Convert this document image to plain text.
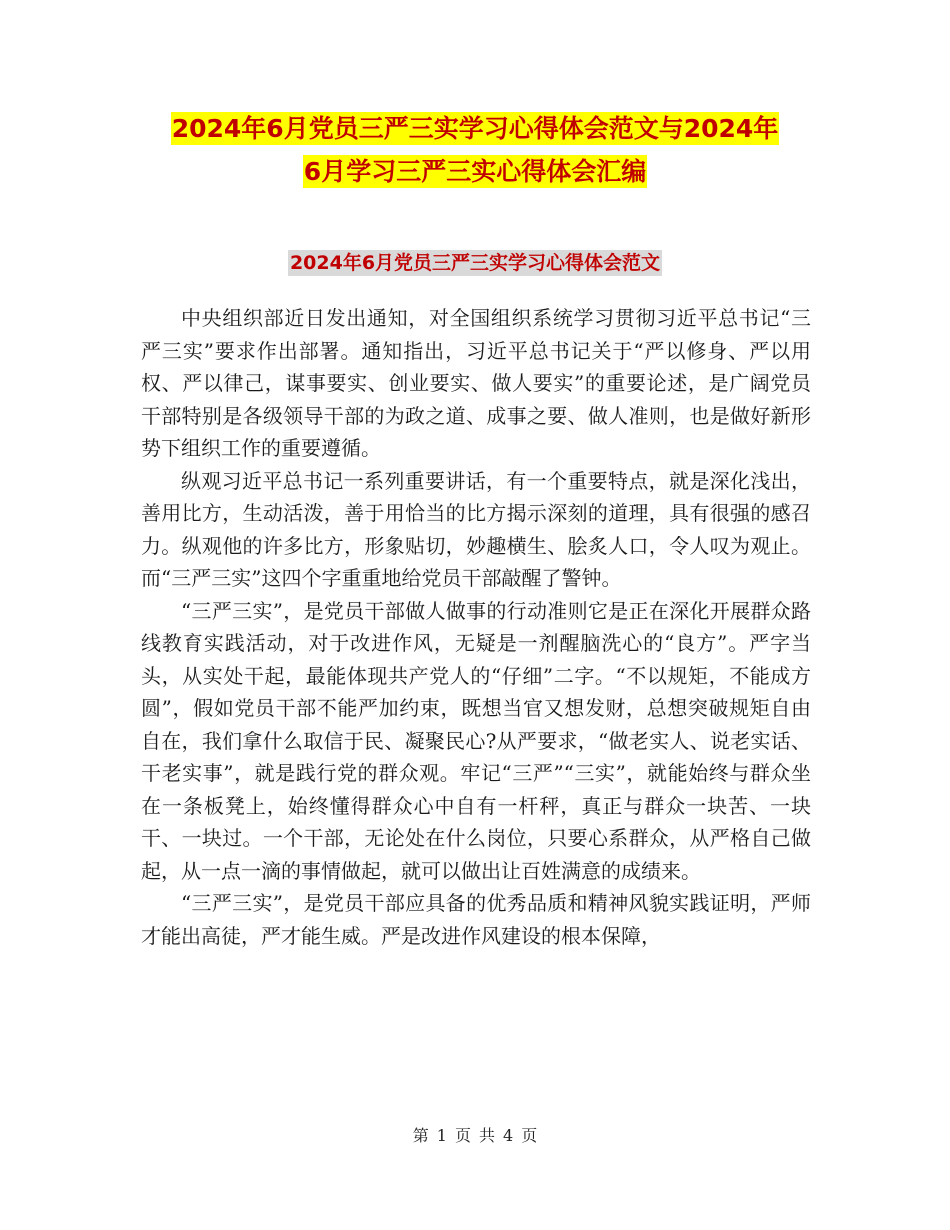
2024年6月党员三严三实学习心得体会范文与2024年
6月学习三严三实心得体会汇编
2024年6月党员三严三实学习心得体会范文

中央组织部近日发出通知，对全国组织系统学习贯彻习近平总书记“三严三实”要求作出部署。通知指出，习近平总书记关于“严以修身、严以用权、严以律己，谋事要实、创业要实、做人要实”的重要论述，是广阔党员干部特别是各级领导干部的为政之道、成事之要、做人准则，也是做好新形势下组织工作的重要遵循。

纵观习近平总书记一系列重要讲话，有一个重要特点，就是深化浅出，善用比方，生动活泼，善于用恰当的比方揭示深刻的道理，具有很强的感召力。纵观他的许多比方，形象贴切，妙趣横生、脍炙人口，令人叹为观止。而“三严三实”这四个字重重地给党员干部敲醒了警钟。

“三严三实”，是党员干部做人做事的行动准则它是正在深化开展群众路线教育实践活动，对于改进作风，无疑是一剂醒脑洗心的“良方”。严字当头，从实处干起，最能体现共产党人的“仔细”二字。“不以规矩，不能成方圆”，假如党员干部不能严加约束，既想当官又想发财，总想突破规矩自由自在，我们拿什么取信于民、凝聚民心?从严要求，“做老实人、说老实话、干老实事”，就是践行党的群众观。牢记“三严”“三实”，就能始终与群众坐在一条板凳上，始终懂得群众心中自有一杆秤，真正与群众一块苦、一块干、一块过。一个干部，无论处在什么岗位，只要心系群众，从严格自己做起，从一点一滴的事情做起，就可以做出让百姓满意的成绩来。

“三严三实”，是党员干部应具备的优秀品质和精神风貌实践证明，严师才能出高徒，严才能生威。严是改进作风建设的根本保障，

第 1 页 共 4 页
